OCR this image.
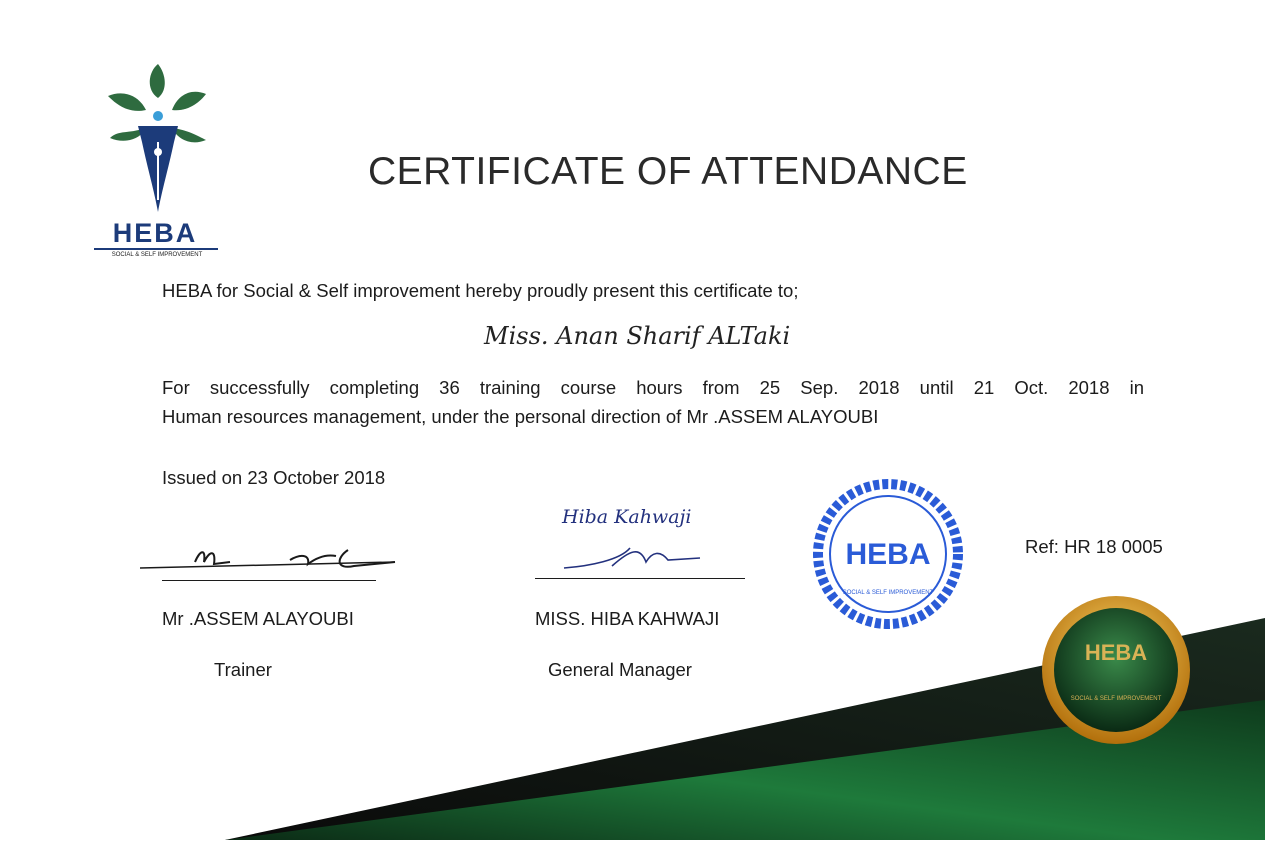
HEBA
SOCIAL & SELF IMPROVEMENT
CERTIFICATE OF ATTENDANCE
HEBA for Social & Self improvement hereby proudly present this certificate to;
Miss. Anan Sharif ALTaki
For successfully completing 36 training course hours from 25 Sep. 2018 until 21 Oct. 2018 in
Human resources management, under the personal direction of Mr .ASSEM ALAYOUBI
Issued on 23 October 2018
Mr .ASSEM ALAYOUBI
Trainer
Hiba Kahwaji
MISS. HIBA KAHWAJI
General Manager
HEBA
SOCIAL & SELF IMPROVEMENT
Ref: HR 18 0005
HEBA
SOCIAL & SELF IMPROVEMENT
